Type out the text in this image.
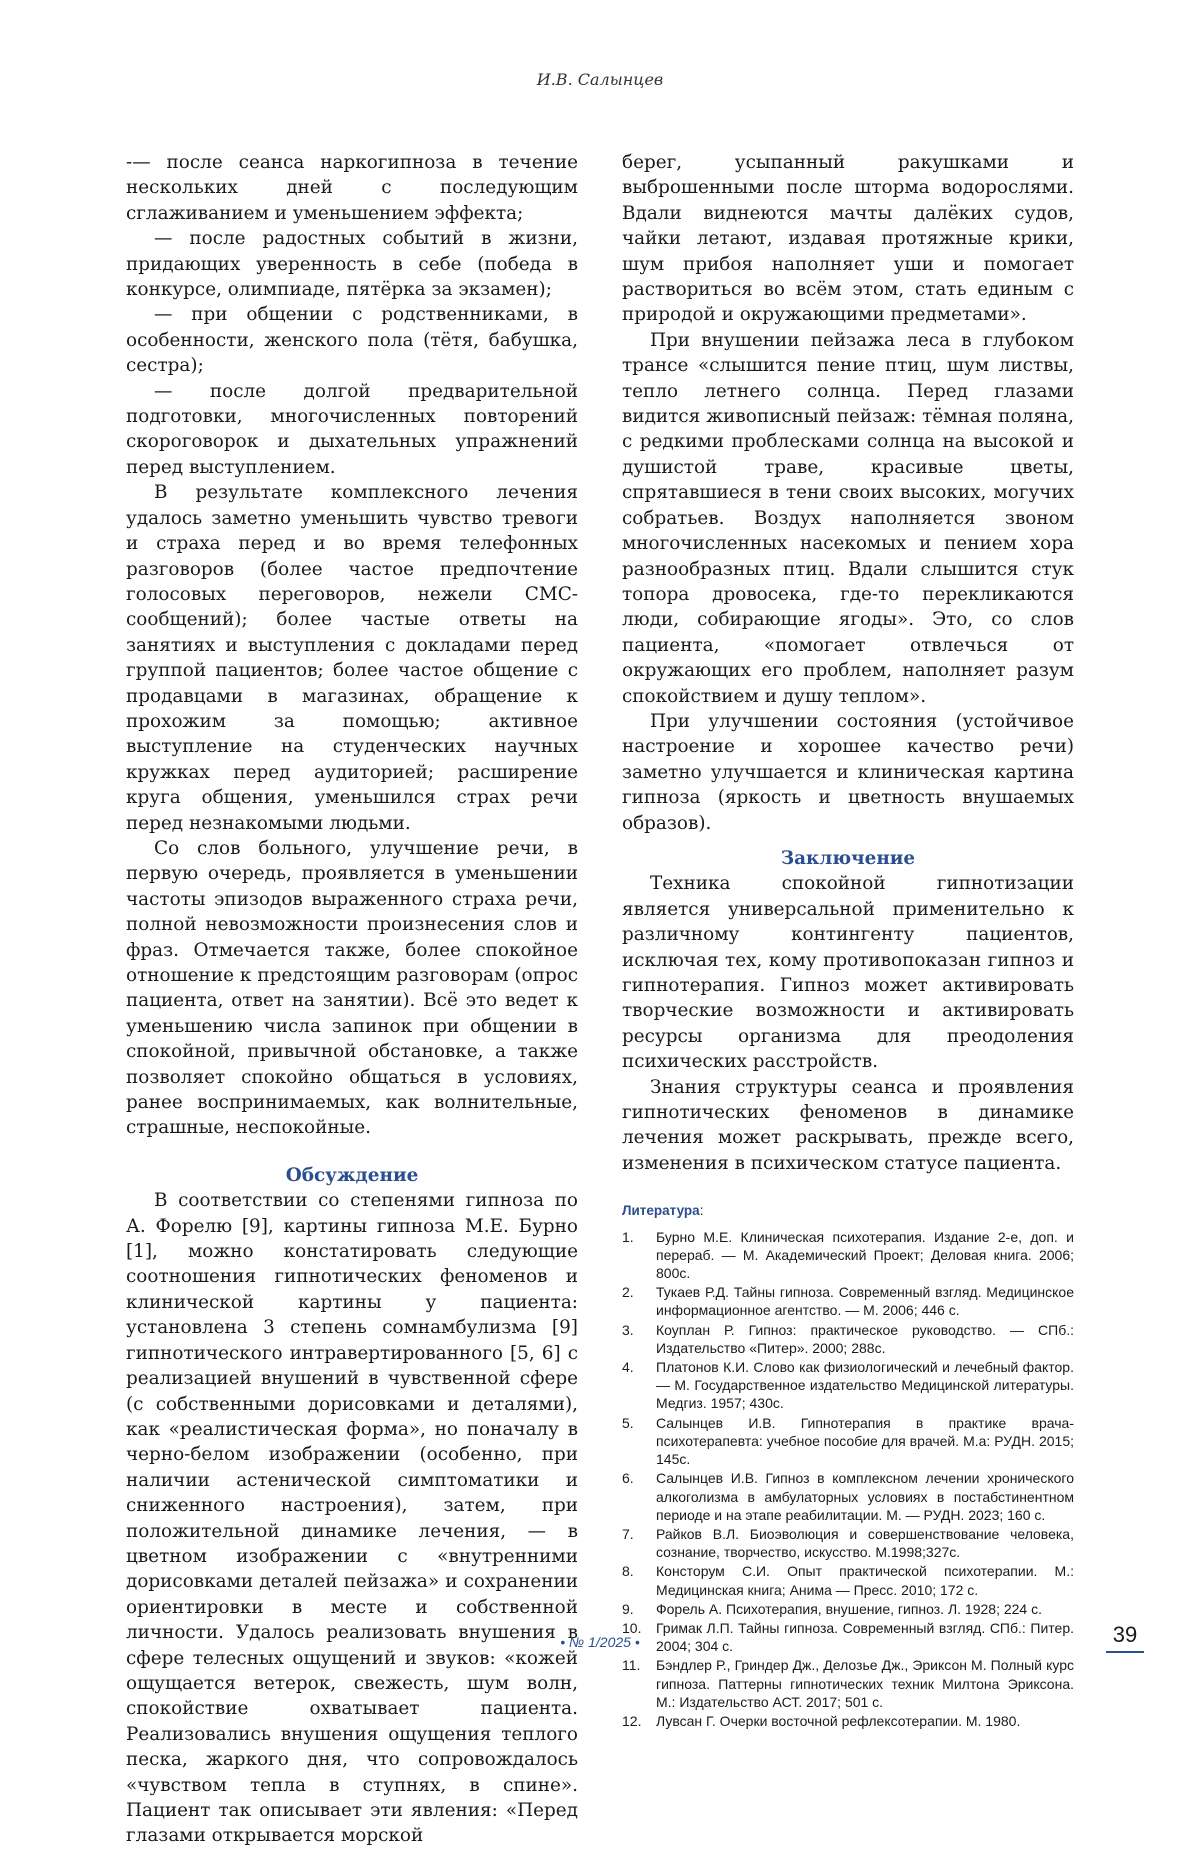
И.В. Салынцев

-— после сеанса наркогипноза в течение нескольких дней с последующим сглаживанием и уменьшением эффекта;

— после радостных событий в жизни, придающих уверенность в себе (победа в конкурсе, олимпиаде, пятёрка за экзамен);

— при общении с родственниками, в особенности, женского пола (тётя, бабушка, сестра);

— после долгой предварительной подготовки, многочисленных повторений скороговорок и дыхательных упражнений перед выступлением.

В результате комплексного лечения удалось заметно уменьшить чувство тревоги и страха перед и во время телефонных разговоров (более частое предпочтение голосовых переговоров, нежели СМС-сообщений); более частые ответы на занятиях и выступления с докладами перед группой пациентов; более частое общение с продавцами в магазинах, обращение к прохожим за помощью; активное выступление на студенческих научных кружках перед аудиторией; расширение круга общения, уменьшился страх речи перед незнакомыми людьми.

Со слов больного, улучшение речи, в первую очередь, проявляется в уменьшении частоты эпизодов выраженного страха речи, полной невозможности произнесения слов и фраз. Отмечается также, более спокойное отношение к предстоящим разговорам (опрос пациента, ответ на занятии). Всё это ведет к уменьшению числа запинок при общении в спокойной, привычной обстановке, а также позволяет спокойно общаться в условиях, ранее воспринимаемых, как волнительные, страшные, неспокойные.

Обсуждение

В соответствии со степенями гипноза по А. Форелю [9], картины гипноза М.Е. Бурно [1], можно констатировать следующие соотношения гипнотических феноменов и клинической картины у пациента: установлена 3 степень сомнамбулизма [9] гипнотического интравертированного [5, 6] с реализацией внушений в чувственной сфере (с собственными дорисовками и деталями), как «реалистическая форма», но поначалу в черно-белом изображении (особенно, при наличии астенической симптоматики и сниженного настроения), затем, при положительной динамике лечения, — в цветном изображении с «внутренними дорисовками деталей пейзажа» и сохранении ориентировки в месте и собственной личности. Удалось реализовать внушения в сфере телесных ощущений и звуков: «кожей ощущается ветерок, свежесть, шум волн, спокойствие охватывает пациента. Реализовались внушения ощущения теплого песка, жаркого дня, что сопровождалось «чувством тепла в ступнях, в спине». Пациент так описывает эти явления: «Перед глазами открывается морской

берег, усыпанный ракушками и выброшенными после шторма водорослями. Вдали виднеются мачты далёких судов, чайки летают, издавая протяжные крики, шум прибоя наполняет уши и помогает раствориться во всём этом, стать единым с природой и окружающими предметами».

При внушении пейзажа леса в глубоком трансе «слышится пение птиц, шум листвы, тепло летнего солнца. Перед глазами видится живописный пейзаж: тёмная поляна, с редкими проблесками солнца на высокой и душистой траве, красивые цветы, спрятавшиеся в тени своих высоких, могучих собратьев. Воздух наполняется звоном многочисленных насекомых и пением хора разнообразных птиц. Вдали слышится стук топора дровосека, где-то перекликаются люди, собирающие ягоды». Это, со слов пациента, «помогает отвлечься от окружающих его проблем, наполняет разум спокойствием и душу теплом».

При улучшении состояния (устойчивое настроение и хорошее качество речи) заметно улучшается и клиническая картина гипноза (яркость и цветность внушаемых образов).

Заключение

Техника спокойной гипнотизации является универсальной применительно к различному контингенту пациентов, исключая тех, кому противопоказан гипноз и гипнотерапия. Гипноз может активировать творческие возможности и активировать ресурсы организма для преодоления психических расстройств.

Знания структуры сеанса и проявления гипнотических феноменов в динамике лечения может раскрывать, прежде всего, изменения в психическом статусе пациента.

Литература:
1. Бурно М.Е. Клиническая психотерапия. Издание 2-е, доп. и перераб. — М. Академический Проект; Деловая книга. 2006; 800с.
2. Тукаев Р.Д. Тайны гипноза. Современный взгляд. Медицинское информационное агентство. — М. 2006; 446 с.
3. Коуплан Р. Гипноз: практическое руководство. — СПб.: Издательство «Питер». 2000; 288с.
4. Платонов К.И. Слово как физиологический и лечебный фактор. — М. Государственное издательство Медицинской литературы. Медгиз. 1957; 430с.
5. Салынцев И.В. Гипнотерапия в практике врача-психотерапевта: учебное пособие для врачей. М.а: РУДН. 2015; 145с.
6. Салынцев И.В. Гипноз в комплексном лечении хронического алкоголизма в амбулаторных условиях в постабстинентном периоде и на этапе реабилитации. М. — РУДН. 2023; 160 с.
7. Райков В.Л. Биоэволюция и совершенствование человека, сознание, творчество, искусство. М.1998;327с.
8. Консторум С.И. Опыт практической психотерапии. М.: Медицинская книга; Анима — Пресс. 2010; 172 с.
9. Форель А. Психотерапия, внушение, гипноз. Л. 1928; 224 с.
10. Гримак Л.П. Тайны гипноза. Современный взгляд. СПб.: Питер. 2004; 304 с.
11. Бэндлер Р., Гриндер Дж., Делозье Дж., Эриксон М. Полный курс гипноза. Паттерны гипнотических техник Милтона Эриксона. М.: Издательство АСТ. 2017; 501 с.
12. Лувсан Г. Очерки восточной рефлексотерапии. М. 1980.
• № 1/2025 •	39
